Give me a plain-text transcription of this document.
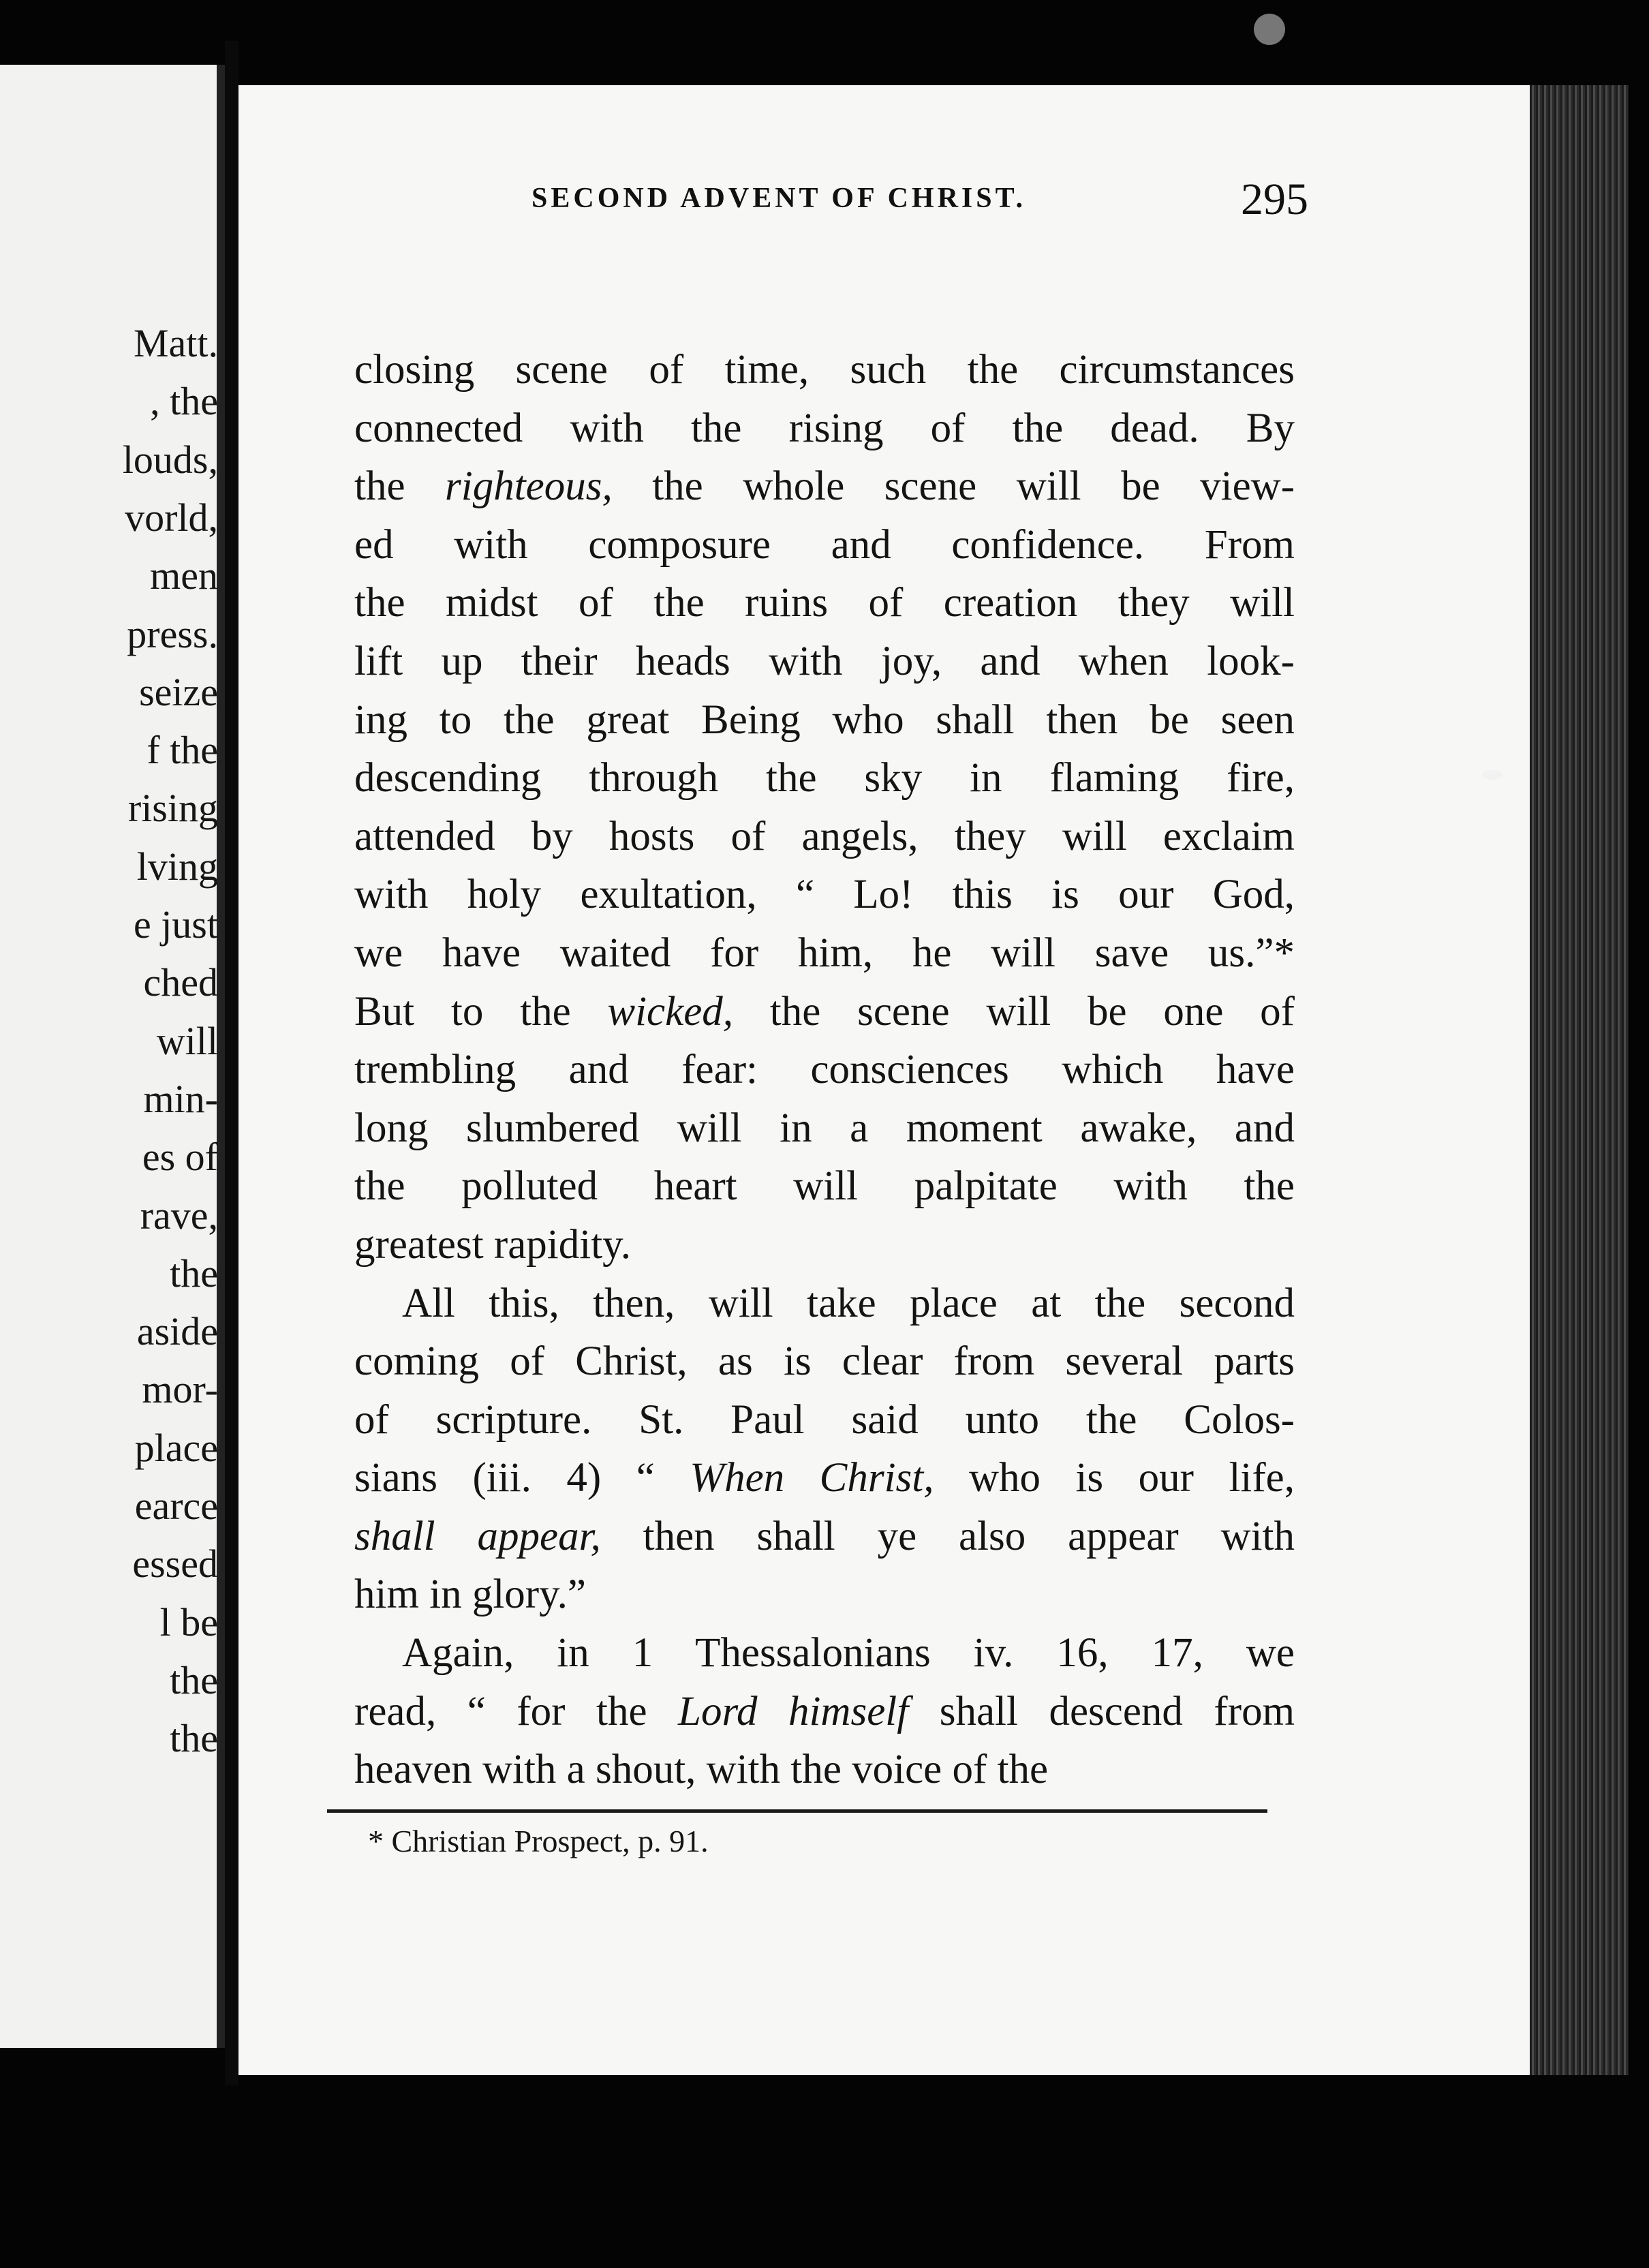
Matt.

, the

louds,

vorld,

men

press.

seize

f the

rising

lving

e just

ched

will

min-

es of

rave,

the

aside

mor-

place

earce

essed

l be

the

the

SECOND ADVENT OF CHRIST.	295

closing scene of time, such the circumstances
connected with the rising of the dead. By
the righteous, the whole scene will be view-
ed with composure and confidence. From
the midst of the ruins of creation they will
lift up their heads with joy, and when look-
ing to the great Being who shall then be seen
descending through the sky in flaming fire,
attended by hosts of angels, they will exclaim
with holy exultation, “ Lo! this is our God,
we have waited for him, he will save us.”*
But to the wicked, the scene will be one of
trembling and fear: consciences which have
long slumbered will in a moment awake, and
the polluted heart will palpitate with the
greatest rapidity.
All this, then, will take place at the second
coming of Christ, as is clear from several parts
of scripture. St. Paul said unto the Colos-
sians (iii. 4) “ When Christ, who is our life,
shall appear, then shall ye also appear with
him in glory.”
Again, in 1 Thessalonians iv. 16, 17, we
read, “ for the Lord himself shall descend from
heaven with a shout, with the voice of the

* Christian Prospect, p. 91.
